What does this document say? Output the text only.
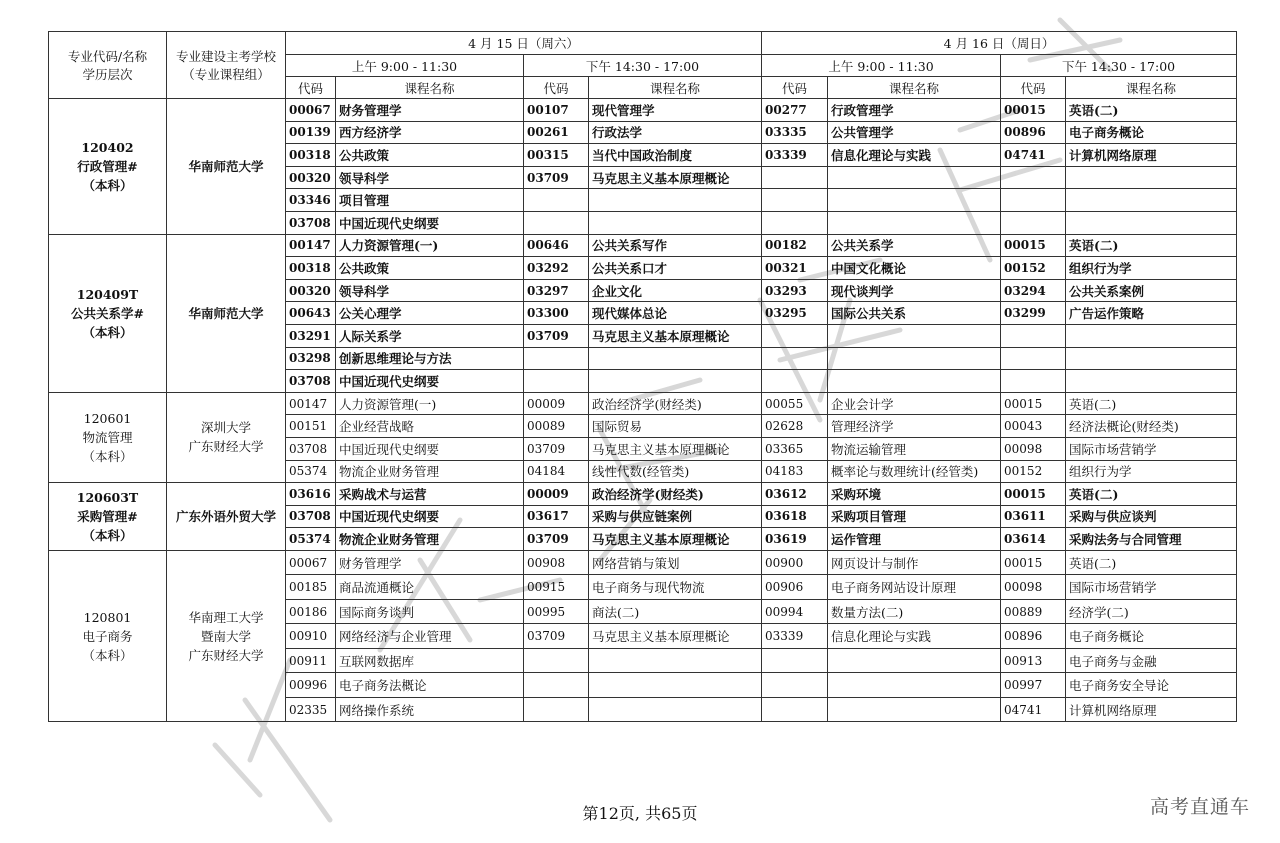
专业代码/名称
学历层次	专业建设主考学校
（专业课程组）	4 月 15 日（周六）				4 月 16 日（周日）			
		上午 9:00 - 11:30		下午 14:30 - 17:00		上午 9:00 - 11:30		下午 14:30 - 17:00	
		代码	课程名称	代码	课程名称	代码	课程名称	代码	课程名称

120402
行政管理#
（本科）	华南师范大学	00067	财务管理学	00107	现代管理学	00277	行政管理学	00015	英语(二)
		00139	西方经济学	00261	行政法学	03335	公共管理学	00896	电子商务概论
		00318	公共政策	00315	当代中国政治制度	03339	信息化理论与实践	04741	计算机网络原理
		00320	领导科学	03709	马克思主义基本原理概论				
		03346	项目管理						
		03708	中国近现代史纲要						

120409T
公共关系学#
（本科）	华南师范大学	00147	人力资源管理(一)	00646	公共关系写作	00182	公共关系学	00015	英语(二)
		00318	公共政策	03292	公共关系口才	00321	中国文化概论	00152	组织行为学
		00320	领导科学	03297	企业文化	03293	现代谈判学	03294	公共关系案例
		00643	公关心理学	03300	现代媒体总论	03295	国际公共关系	03299	广告运作策略
		03291	人际关系学	03709	马克思主义基本原理概论				
		03298	创新思维理论与方法						
		03708	中国近现代史纲要						

120601
物流管理
（本科）	深圳大学
广东财经大学	00147	人力资源管理(一)	00009	政治经济学(财经类)	00055	企业会计学	00015	英语(二)
		00151	企业经营战略	00089	国际贸易	02628	管理经济学	00043	经济法概论(财经类)
		03708	中国近现代史纲要	03709	马克思主义基本原理概论	03365	物流运输管理	00098	国际市场营销学
		05374	物流企业财务管理	04184	线性代数(经管类)	04183	概率论与数理统计(经管类)	00152	组织行为学

120603T
采购管理#
（本科）	广东外语外贸大学	03616	采购战术与运营	00009	政治经济学(财经类)	03612	采购环境	00015	英语(二)
		03708	中国近现代史纲要	03617	采购与供应链案例	03618	采购项目管理	03611	采购与供应谈判
		05374	物流企业财务管理	03709	马克思主义基本原理概论	03619	运作管理	03614	采购法务与合同管理

120801
电子商务
（本科）	华南理工大学
暨南大学
广东财经大学	00067	财务管理学	00908	网络营销与策划	00900	网页设计与制作	00015	英语(二)
		00185	商品流通概论	00915	电子商务与现代物流	00906	电子商务网站设计原理	00098	国际市场营销学
		00186	国际商务谈判	00995	商法(二)	00994	数量方法(二)	00889	经济学(二)
		00910	网络经济与企业管理	03709	马克思主义基本原理概论	03339	信息化理论与实践	00896	电子商务概论
		00911	互联网数据库					00913	电子商务与金融
		00996	电子商务法概论					00997	电子商务安全导论
		02335	网络操作系统					04741	计算机网络原理
第12页, 共65页	高考直通车
